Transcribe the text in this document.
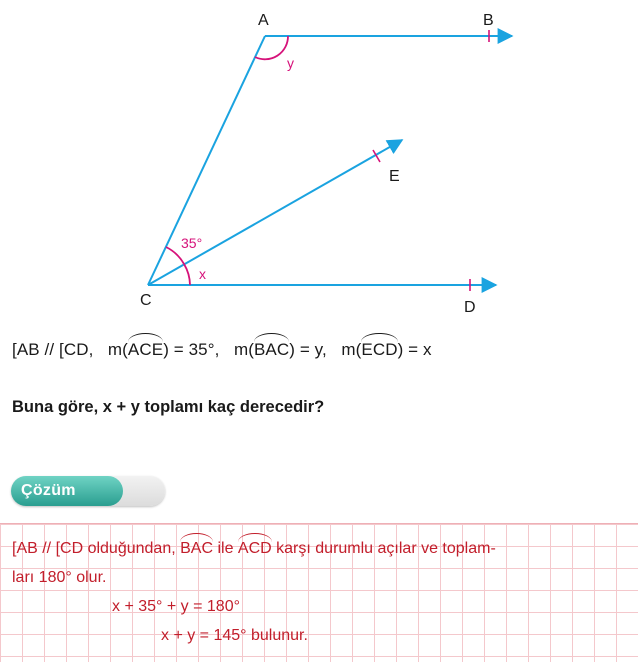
A	B
E
C	D
y
35°
x
[AB // [CD, m(ACE) = 35°, m(BAC) = y, m(ECD) = x
Buna göre, x + y toplamı kaç derecedir?
Çözüm
[AB // [CD olduğundan, BAC ile ACD karşı durumlu açılar ve toplam-
ları 180° olur.
x + 35° + y = 180°
x + y = 145° bulunur.
